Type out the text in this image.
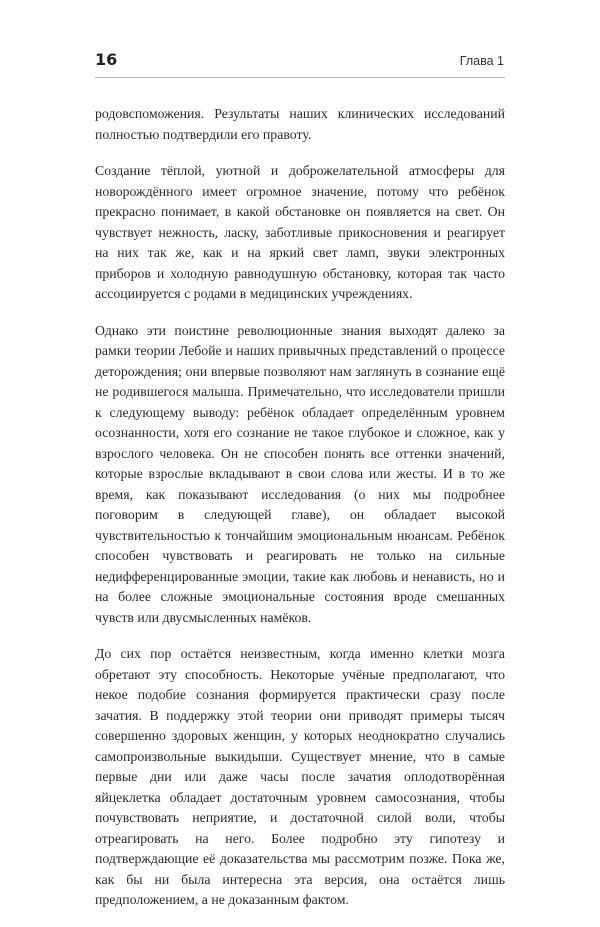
16	Глава 1

родовспоможения. Результаты наших клинических исследований полностью подтвердили его правоту.

Создание тёплой, уютной и доброжелательной атмосферы для новорождённого имеет огромное значение, потому что ребёнок прекрасно понимает, в какой обстановке он появляется на свет. Он чувствует нежность, ласку, заботливые прикосновения и реагирует на них так же, как и на яркий свет ламп, звуки электронных приборов и холодную равнодушную обстановку, которая так часто ассоциируется с родами в медицинских учреждениях.

Однако эти поистине революционные знания выходят далеко за рамки теории Лебойе и наших привычных представлений о процессе деторождения; они впервые позволяют нам заглянуть в сознание ещё не родившегося малыша. Примечательно, что исследователи пришли к следующему выводу: ребёнок обладает определённым уровнем осознанности, хотя его сознание не такое глубокое и сложное, как у взрослого человека. Он не способен понять все оттенки значений, которые взрослые вкладывают в свои слова или жесты. И в то же время, как показывают исследования (о них мы подробнее поговорим в следующей главе), он обладает высокой чувствительностью к тончайшим эмоциональным нюансам. Ребёнок способен чувствовать и реагировать не только на сильные недифференцированные эмоции, такие как любовь и ненависть, но и на более сложные эмоциональные состояния вроде смешанных чувств или двусмысленных намёков.

До сих пор остаётся неизвестным, когда именно клетки мозга обретают эту способность. Некоторые учёные предполагают, что некое подобие сознания формируется практически сразу после зачатия. В поддержку этой теории они приводят примеры тысяч совершенно здоровых женщин, у которых неоднократно случались самопроизвольные выкидыши. Существует мнение, что в самые первые дни или даже часы после зачатия оплодотворённая яйцеклетка обладает достаточным уровнем самосознания, чтобы почувствовать неприятие, и достаточной силой воли, чтобы отреагировать на него. Более подробно эту гипотезу и подтверждающие её доказательства мы рассмотрим позже. Пока же, как бы ни была интересна эта версия, она остаётся лишь предположением, а не доказанным фактом.
